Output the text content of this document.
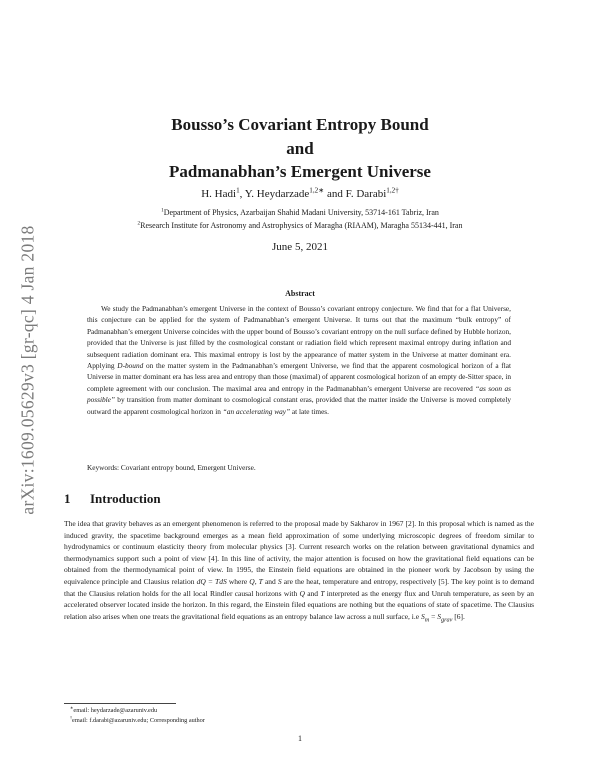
arXiv:1609.05629v3 [gr-qc] 4 Jan 2018
Bousso’s Covariant Entropy Bound
and
Padmanabhan’s Emergent Universe
H. Hadi$^1$, Y. Heydarzade$^{1,2∗}$ and F. Darabi$^{1,2\dagger}$
$^1$Department of Physics, Azarbaijan Shahid Madani University, 53714-161 Tabriz, Iran
$^2$Research Institute for Astronomy and Astrophysics of Maragha (RIAAM), Maragha 55134-441, Iran
June 5, 2021
Abstract

We study the Padmanabhan’s emergent Universe in the context of Bousso’s covariant entropy conjecture. We find that for a flat Universe, this conjecture can be applied for the system of Padmanabhan’s emergent Universe. It turns out that the maximum “bulk entropy” of Padmanabhan’s emergent Universe coincides with the upper bound of Bousso’s covariant entropy on the null surface defined by Hubble horizon, provided that the Universe is just filled by the cosmological constant or radiation field which represent maximal entropy during inflation and subsequent radiation dominant era. This maximal entropy is lost by the appearance of matter system in the Universe at matter dominant era. Applying D-bound on the matter system in the Padmanabhan’s emergent Universe, we find that the apparent cosmological horizon of a flat Universe in matter dominant era has less area and entropy than those (maximal) of apparent cosmological horizon of an empty de-Sitter space, in complete agreement with our conclusion. The maximal area and entropy in the Padmanabhan’s emergent Universe are recovered “as soon as possible” by transition from matter dominant to cosmological constant eras, provided that the matter inside the Universe is moved completely outward the apparent cosmological horizon in “an accelerating way” at late times.

Keywords: Covariant entropy bound, Emergent Universe.
1 Introduction

The idea that gravity behaves as an emergent phenomenon is referred to the proposal made by Sakharov in 1967 [2]. In this proposal which is named as the induced gravity, the spacetime background emerges as a mean field approximation of some underlying microscopic degrees of freedom similar to hydrodynamics or continuum elasticity theory from molecular physics [3]. Current research works on the relation between gravitational dynamics and thermodynamics support such a point of view [4]. In this line of activity, the major attention is focused on how the gravitational field equations can be obtained from the thermodynamical point of view. In 1995, the Einstein field equations are obtained in the pioneer work by Jacobson by using the equivalence principle and Clausius relation dQ = TdS where Q, T and S are the heat, temperature and entropy, respectively [5]. The key point is to demand that the Clausius relation holds for the all local Rindler causal horizons with Q and T interpreted as the energy flux and Unruh temperature, as seen by an accelerated observer located inside the horizon. In this regard, the Einstein filed equations are nothing but the equations of state of spacetime. The Clausius relation also arises when one treats the gravitational field equations as an entropy balance law across a null surface, i.e $S_m = S_{grav}$ [6].

∗email: heydarzade@azaruniv.edu
†email: f.darabi@azaruniv.edu; Corresponding author
1
